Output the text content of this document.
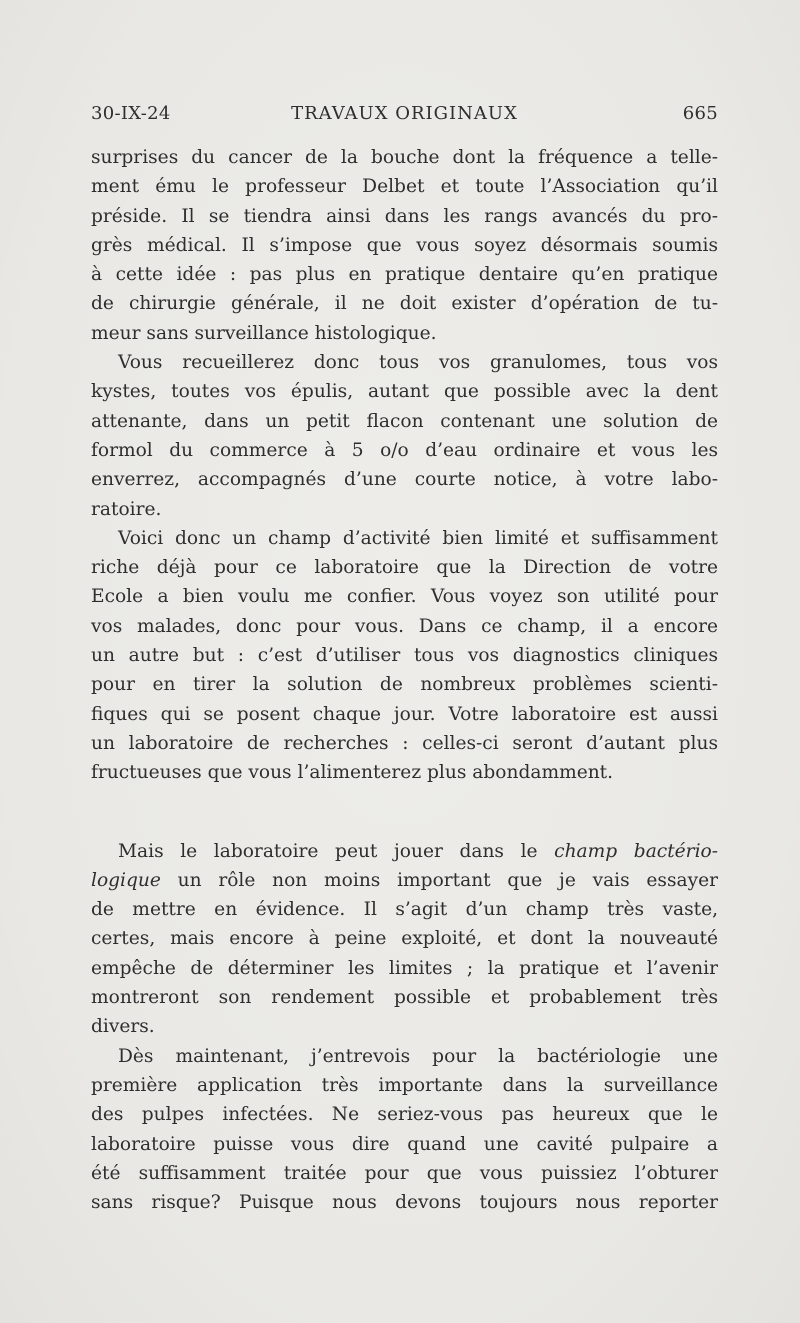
30-IX-24	TRAVAUX ORIGINAUX	665
surprises du cancer de la bouche dont la fréquence a telle-
ment ému le professeur Delbet et toute l’Association qu’il
préside. Il se tiendra ainsi dans les rangs avancés du pro-
grès médical. Il s’impose que vous soyez désormais soumis
à cette idée : pas plus en pratique dentaire qu’en pratique
de chirurgie générale, il ne doit exister d’opération de tu-
meur sans surveillance histologique.
Vous recueillerez donc tous vos granulomes, tous vos
kystes, toutes vos épulis, autant que possible avec la dent
attenante, dans un petit flacon contenant une solution de
formol du commerce à 5 o/o d’eau ordinaire et vous les
enverrez, accompagnés d’une courte notice, à votre labo-
ratoire.
Voici donc un champ d’activité bien limité et suffisamment
riche déjà pour ce laboratoire que la Direction de votre
Ecole a bien voulu me confier. Vous voyez son utilité pour
vos malades, donc pour vous. Dans ce champ, il a encore
un autre but : c’est d’utiliser tous vos diagnostics cliniques
pour en tirer la solution de nombreux problèmes scienti-
fiques qui se posent chaque jour. Votre laboratoire est aussi
un laboratoire de recherches : celles-ci seront d’autant plus
fructueuses que vous l’alimenterez plus abondamment.
Mais le laboratoire peut jouer dans le champ bactério-
logique un rôle non moins important que je vais essayer
de mettre en évidence. Il s’agit d’un champ très vaste,
certes, mais encore à peine exploité, et dont la nouveauté
empêche de déterminer les limites ; la pratique et l’avenir
montreront son rendement possible et probablement très
divers.
Dès maintenant, j’entrevois pour la bactériologie une
première application très importante dans la surveillance
des pulpes infectées. Ne seriez-vous pas heureux que le
laboratoire puisse vous dire quand une cavité pulpaire a
été suffisamment traitée pour que vous puissiez l’obturer
sans risque? Puisque nous devons toujours nous reporter
